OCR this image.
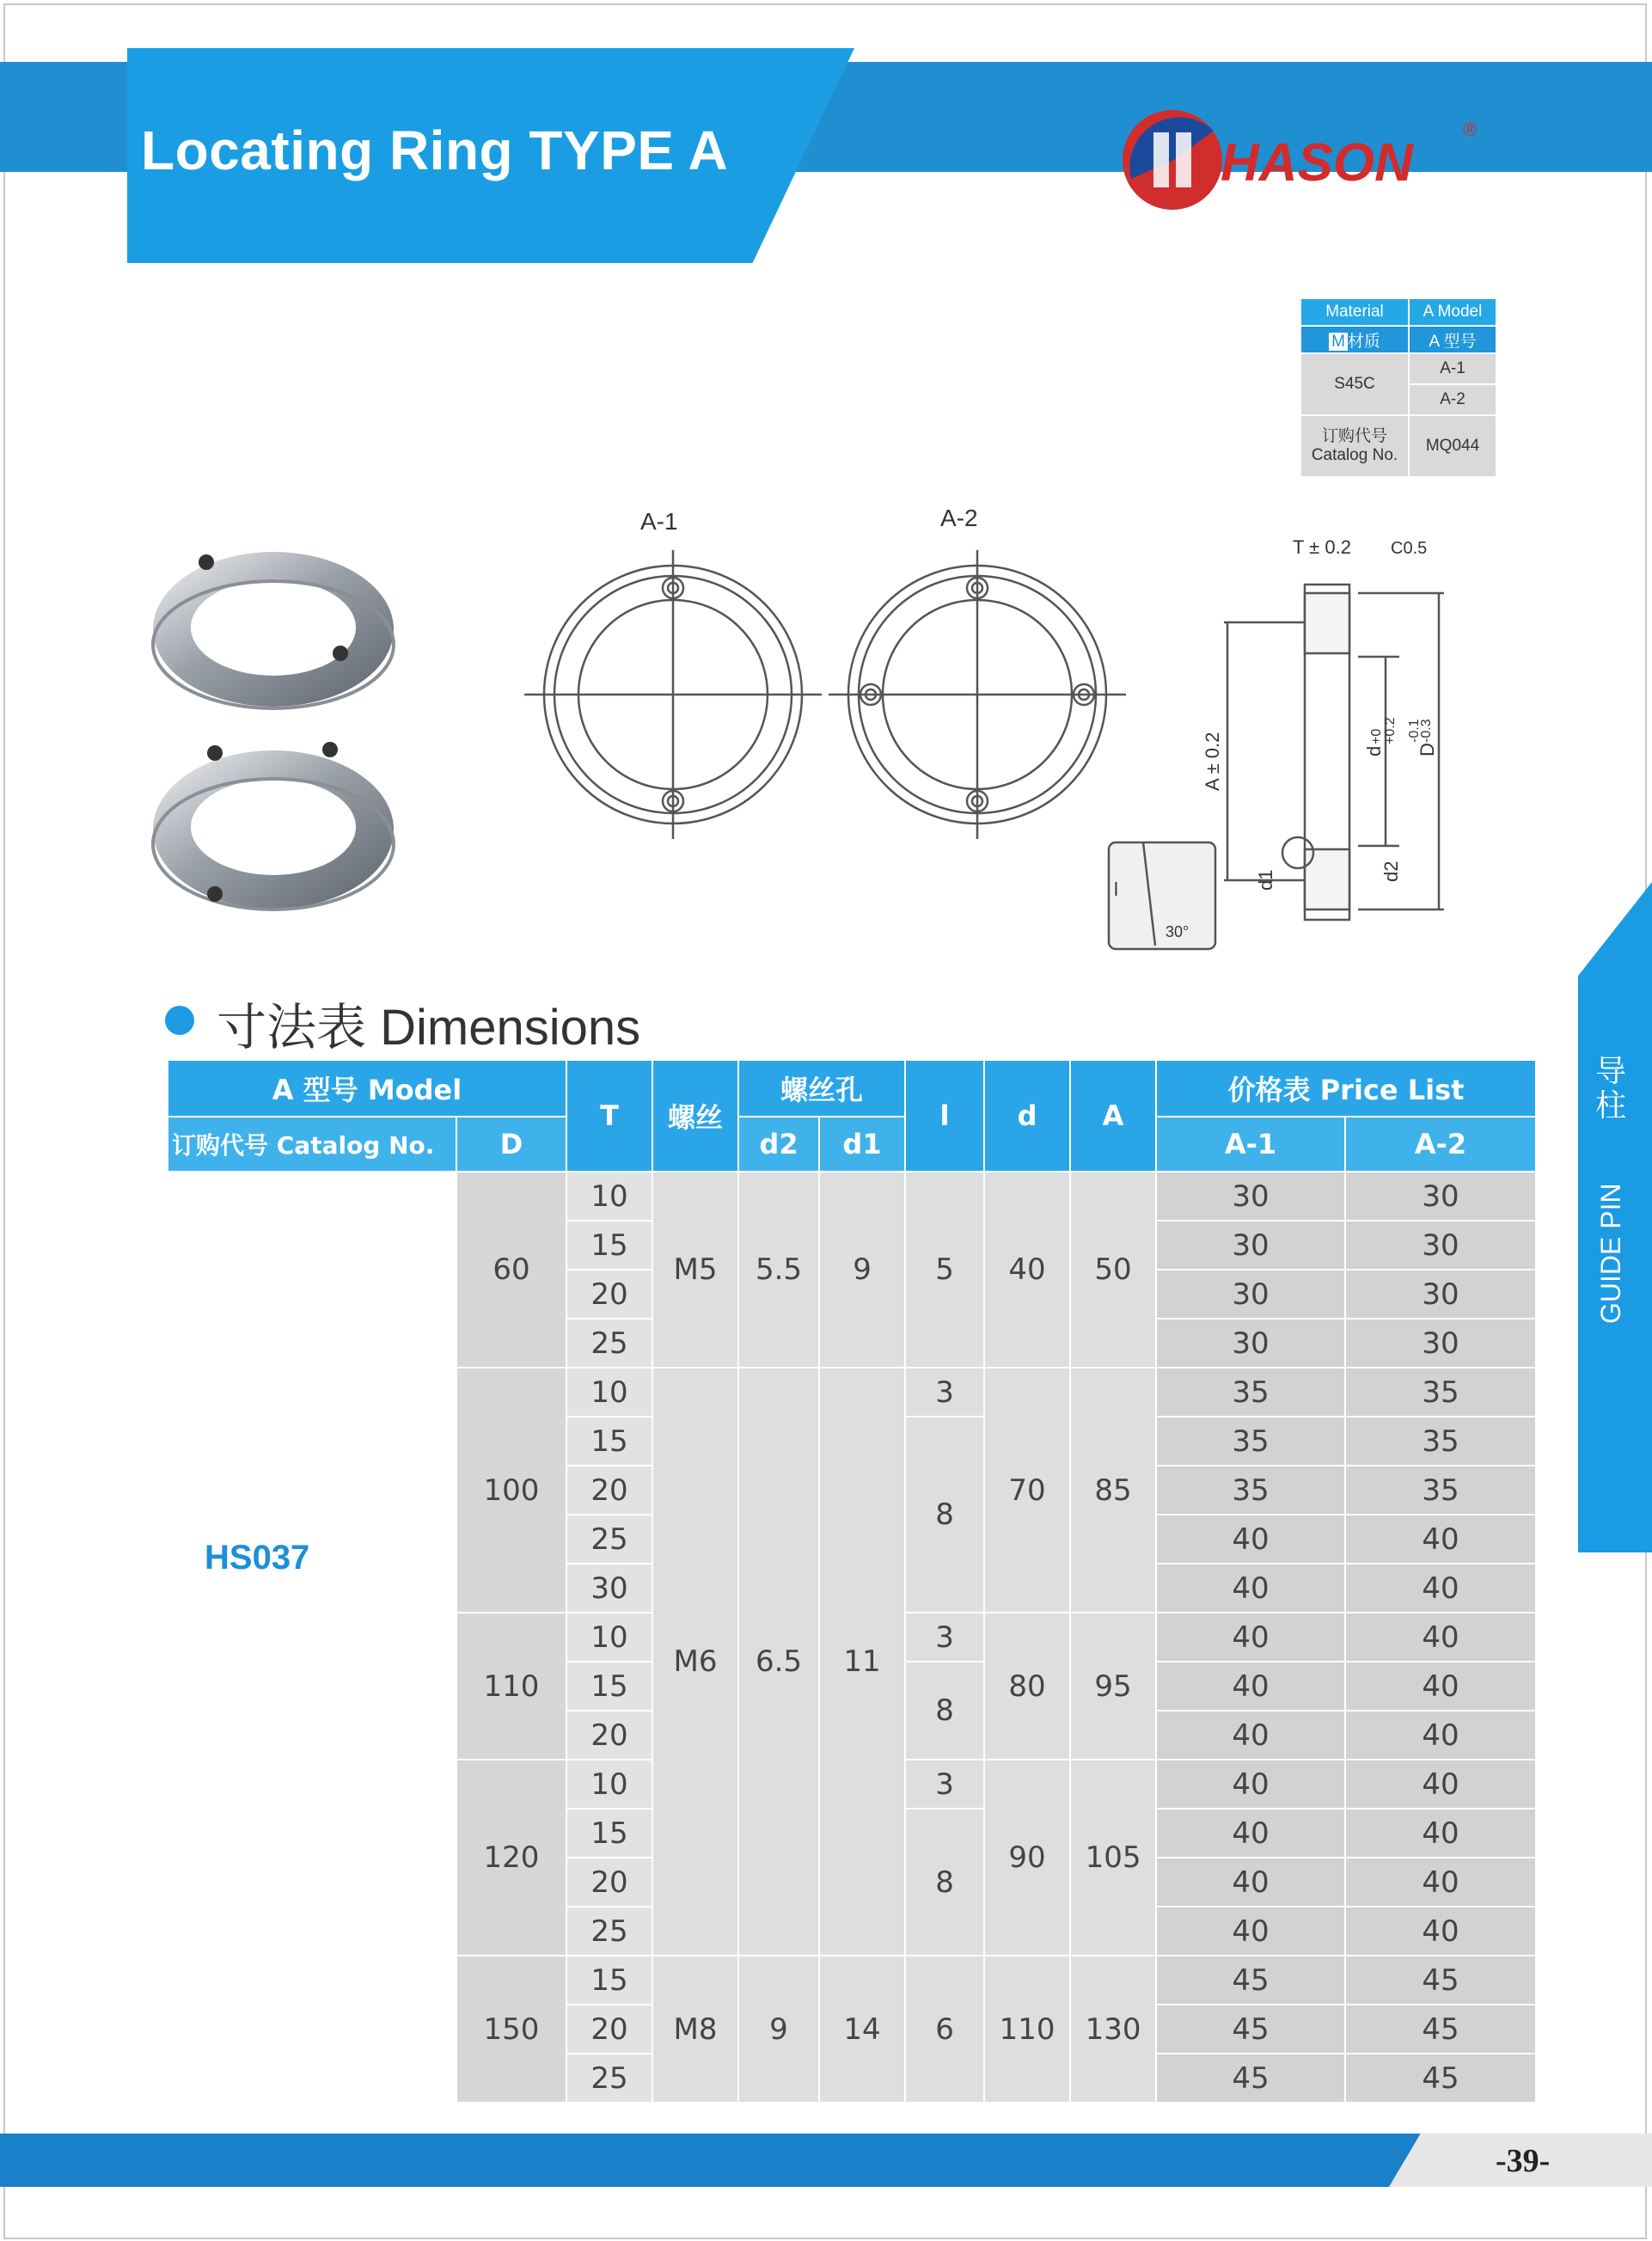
Locating Ring TYPE A	HASON
®
Material	A Model
M 材质	A 型号
S45C	A-1
	A-2

订购代号
Catalog No.	MQ044
A-1	A-2
T ± 0.2 C0.5
A ± 0.2	d
+0 +0.2
D
-0.1
-0.3
d1	d2
l
30°
寸法表 Dimensions
A 型号 Model		T	螺丝	螺丝孔		l	d	A	价格表 Price List	
订购代号 Catalog No.	D			d2	d1				A-1	A-2
	60	10	M5	5.5	9	5	40	50	30	30
		15							30	30
		20							30	30
		25							30	30
	100	10	M6	6.5	11	3	70	85	35	35
		15				8			35	35
		20							35	35
		25							40	40
		30							40	40
	110	10				3	80	95	40	40
		15				8			40	40
		20							40	40
	120	10				3	90	105	40	40
		15				8			40	40
		20							40	40
		25							40	40
	150	15	M8	9	14	6	110	130	45	45
		20							45	45
		25							45	45
HS037
导柱
GUIDE PIN
-39-
